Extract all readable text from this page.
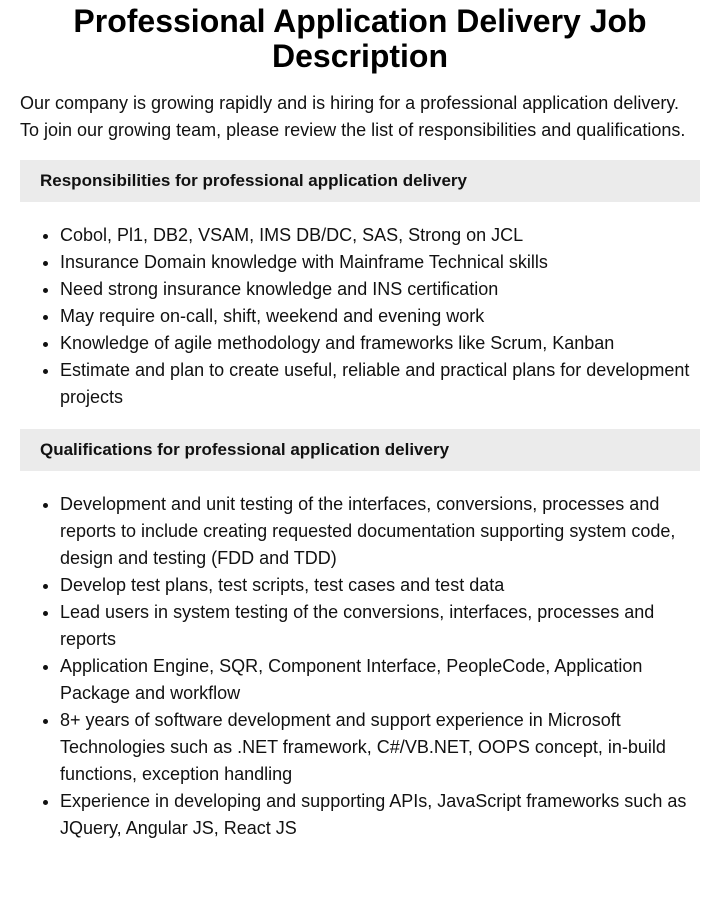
Professional Application Delivery Job Description

Our company is growing rapidly and is hiring for a professional application delivery. To join our growing team, please review the list of responsibilities and qualifications.

Responsibilities for professional application delivery
• Cobol, Pl1, DB2, VSAM, IMS DB/DC, SAS, Strong on JCL
• Insurance Domain knowledge with Mainframe Technical skills
• Need strong insurance knowledge and INS certification
• May require on-call, shift, weekend and evening work
• Knowledge of agile methodology and frameworks like Scrum, Kanban
• Estimate and plan to create useful, reliable and practical plans for development projects
Qualifications for professional application delivery
• Development and unit testing of the interfaces, conversions, processes and reports to include creating requested documentation supporting system code, design and testing (FDD and TDD)
• Develop test plans, test scripts, test cases and test data
• Lead users in system testing of the conversions, interfaces, processes and reports
• Application Engine, SQR, Component Interface, PeopleCode, Application Package and workflow
• 8+ years of software development and support experience in Microsoft Technologies such as .NET framework, C#/VB.NET, OOPS concept, in-build functions, exception handling
• Experience in developing and supporting APIs, JavaScript frameworks such as JQuery, Angular JS, React JS
